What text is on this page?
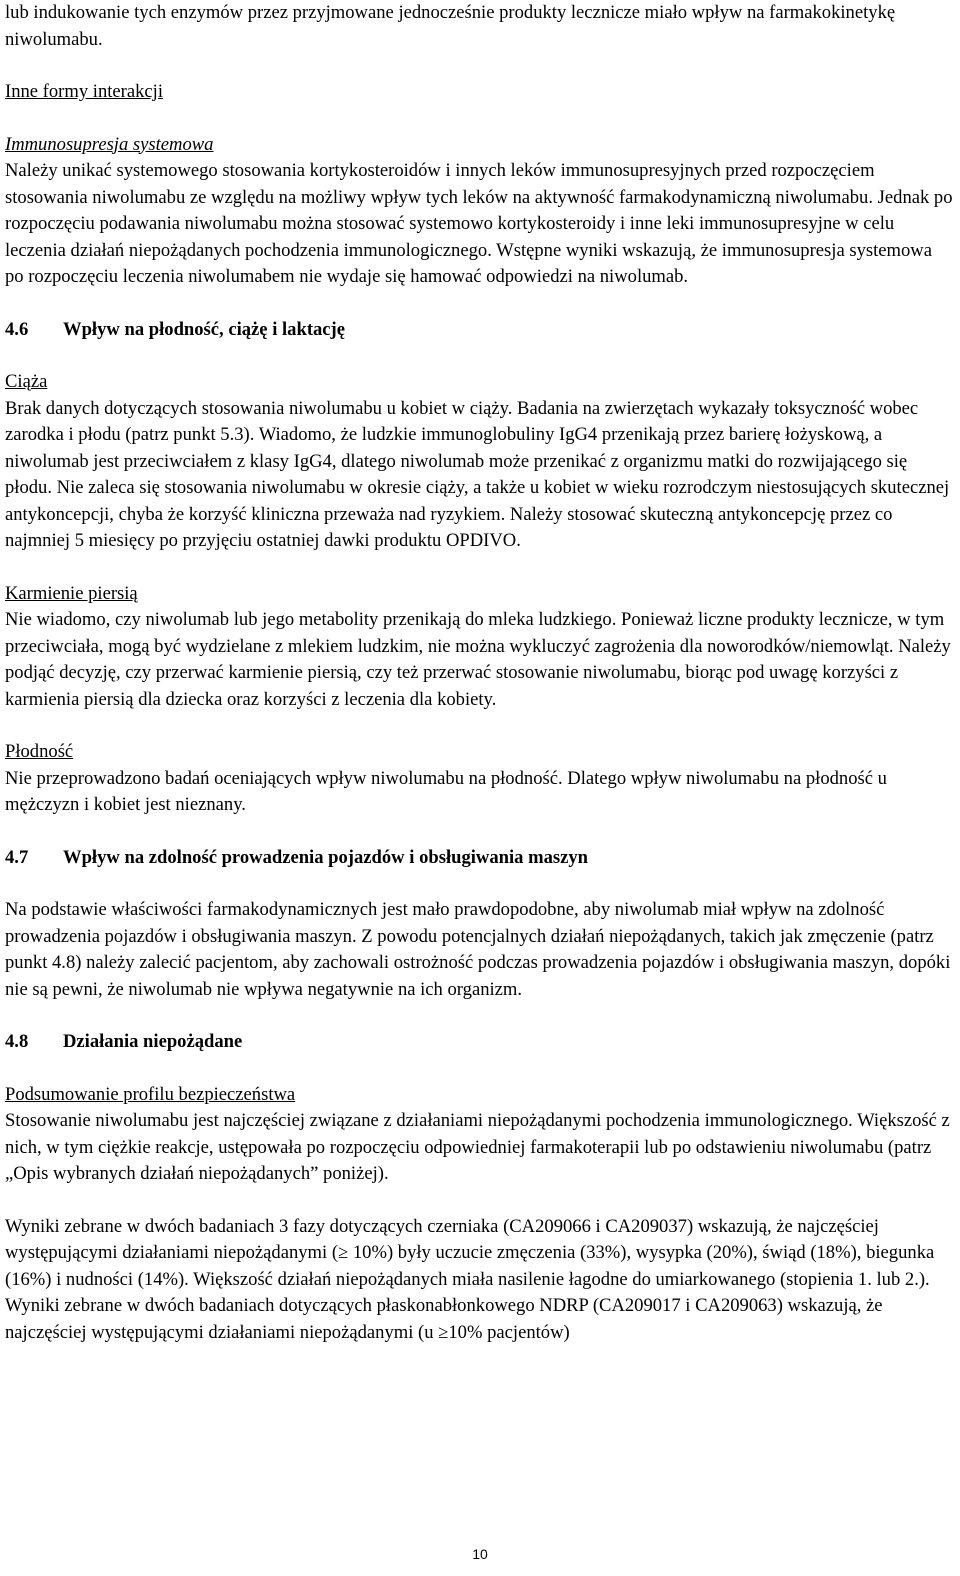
lub indukowanie tych enzymów przez przyjmowane jednocześnie produkty lecznicze miało wpływ na farmakokinetykę niwolumabu.

Inne formy interakcji

Immunosupresja systemowa

Należy unikać systemowego stosowania kortykosteroidów i innych leków immunosupresyjnych przed rozpoczęciem stosowania niwolumabu ze względu na możliwy wpływ tych leków na aktywność farmakodynamiczną niwolumabu. Jednak po rozpoczęciu podawania niwolumabu można stosować systemowo kortykosteroidy i inne leki immunosupresyjne w celu leczenia działań niepożądanych pochodzenia immunologicznego. Wstępne wyniki wskazują, że immunosupresja systemowa po rozpoczęciu leczenia niwolumabem nie wydaje się hamować odpowiedzi na niwolumab.

4.6 Wpływ na płodność, ciążę i laktację

Ciąża

Brak danych dotyczących stosowania niwolumabu u kobiet w ciąży. Badania na zwierzętach wykazały toksyczność wobec zarodka i płodu (patrz punkt 5.3). Wiadomo, że ludzkie immunoglobuliny IgG4 przenikają przez barierę łożyskową, a niwolumab jest przeciwciałem z klasy IgG4, dlatego niwolumab może przenikać z organizmu matki do rozwijającego się płodu. Nie zaleca się stosowania niwolumabu w okresie ciąży, a także u kobiet w wieku rozrodczym niestosujących skutecznej antykoncepcji, chyba że korzyść kliniczna przeważa nad ryzykiem. Należy stosować skuteczną antykoncepcję przez co najmniej 5 miesięcy po przyjęciu ostatniej dawki produktu OPDIVO.

Karmienie piersią

Nie wiadomo, czy niwolumab lub jego metabolity przenikają do mleka ludzkiego. Ponieważ liczne produkty lecznicze, w tym przeciwciała, mogą być wydzielane z mlekiem ludzkim, nie można wykluczyć zagrożenia dla noworodków/niemowląt. Należy podjąć decyzję, czy przerwać karmienie piersią, czy też przerwać stosowanie niwolumabu, biorąc pod uwagę korzyści z karmienia piersią dla dziecka oraz korzyści z leczenia dla kobiety.

Płodność

Nie przeprowadzono badań oceniających wpływ niwolumabu na płodność. Dlatego wpływ niwolumabu na płodność u mężczyzn i kobiet jest nieznany.

4.7 Wpływ na zdolność prowadzenia pojazdów i obsługiwania maszyn

Na podstawie właściwości farmakodynamicznych jest mało prawdopodobne, aby niwolumab miał wpływ na zdolność prowadzenia pojazdów i obsługiwania maszyn. Z powodu potencjalnych działań niepożądanych, takich jak zmęczenie (patrz punkt 4.8) należy zalecić pacjentom, aby zachowali ostrożność podczas prowadzenia pojazdów i obsługiwania maszyn, dopóki nie są pewni, że niwolumab nie wpływa negatywnie na ich organizm.

4.8 Działania niepożądane

Podsumowanie profilu bezpieczeństwa

Stosowanie niwolumabu jest najczęściej związane z działaniami niepożądanymi pochodzenia immunologicznego. Większość z nich, w tym ciężkie reakcje, ustępowała po rozpoczęciu odpowiedniej farmakoterapii lub po odstawieniu niwolumabu (patrz „Opis wybranych działań niepożądanych” poniżej).

Wyniki zebrane w dwóch badaniach 3 fazy dotyczących czerniaka (CA209066 i CA209037) wskazują, że najczęściej występującymi działaniami niepożądanymi (≥ 10%) były uczucie zmęczenia (33%), wysypka (20%), świąd (18%), biegunka (16%) i nudności (14%). Większość działań niepożądanych miała nasilenie łagodne do umiarkowanego (stopienia 1. lub 2.).

Wyniki zebrane w dwóch badaniach dotyczących płaskonabłonkowego NDRP (CA209017 i CA209063) wskazują, że najczęściej występującymi działaniami niepożądanymi (u ≥10% pacjentów)

10
